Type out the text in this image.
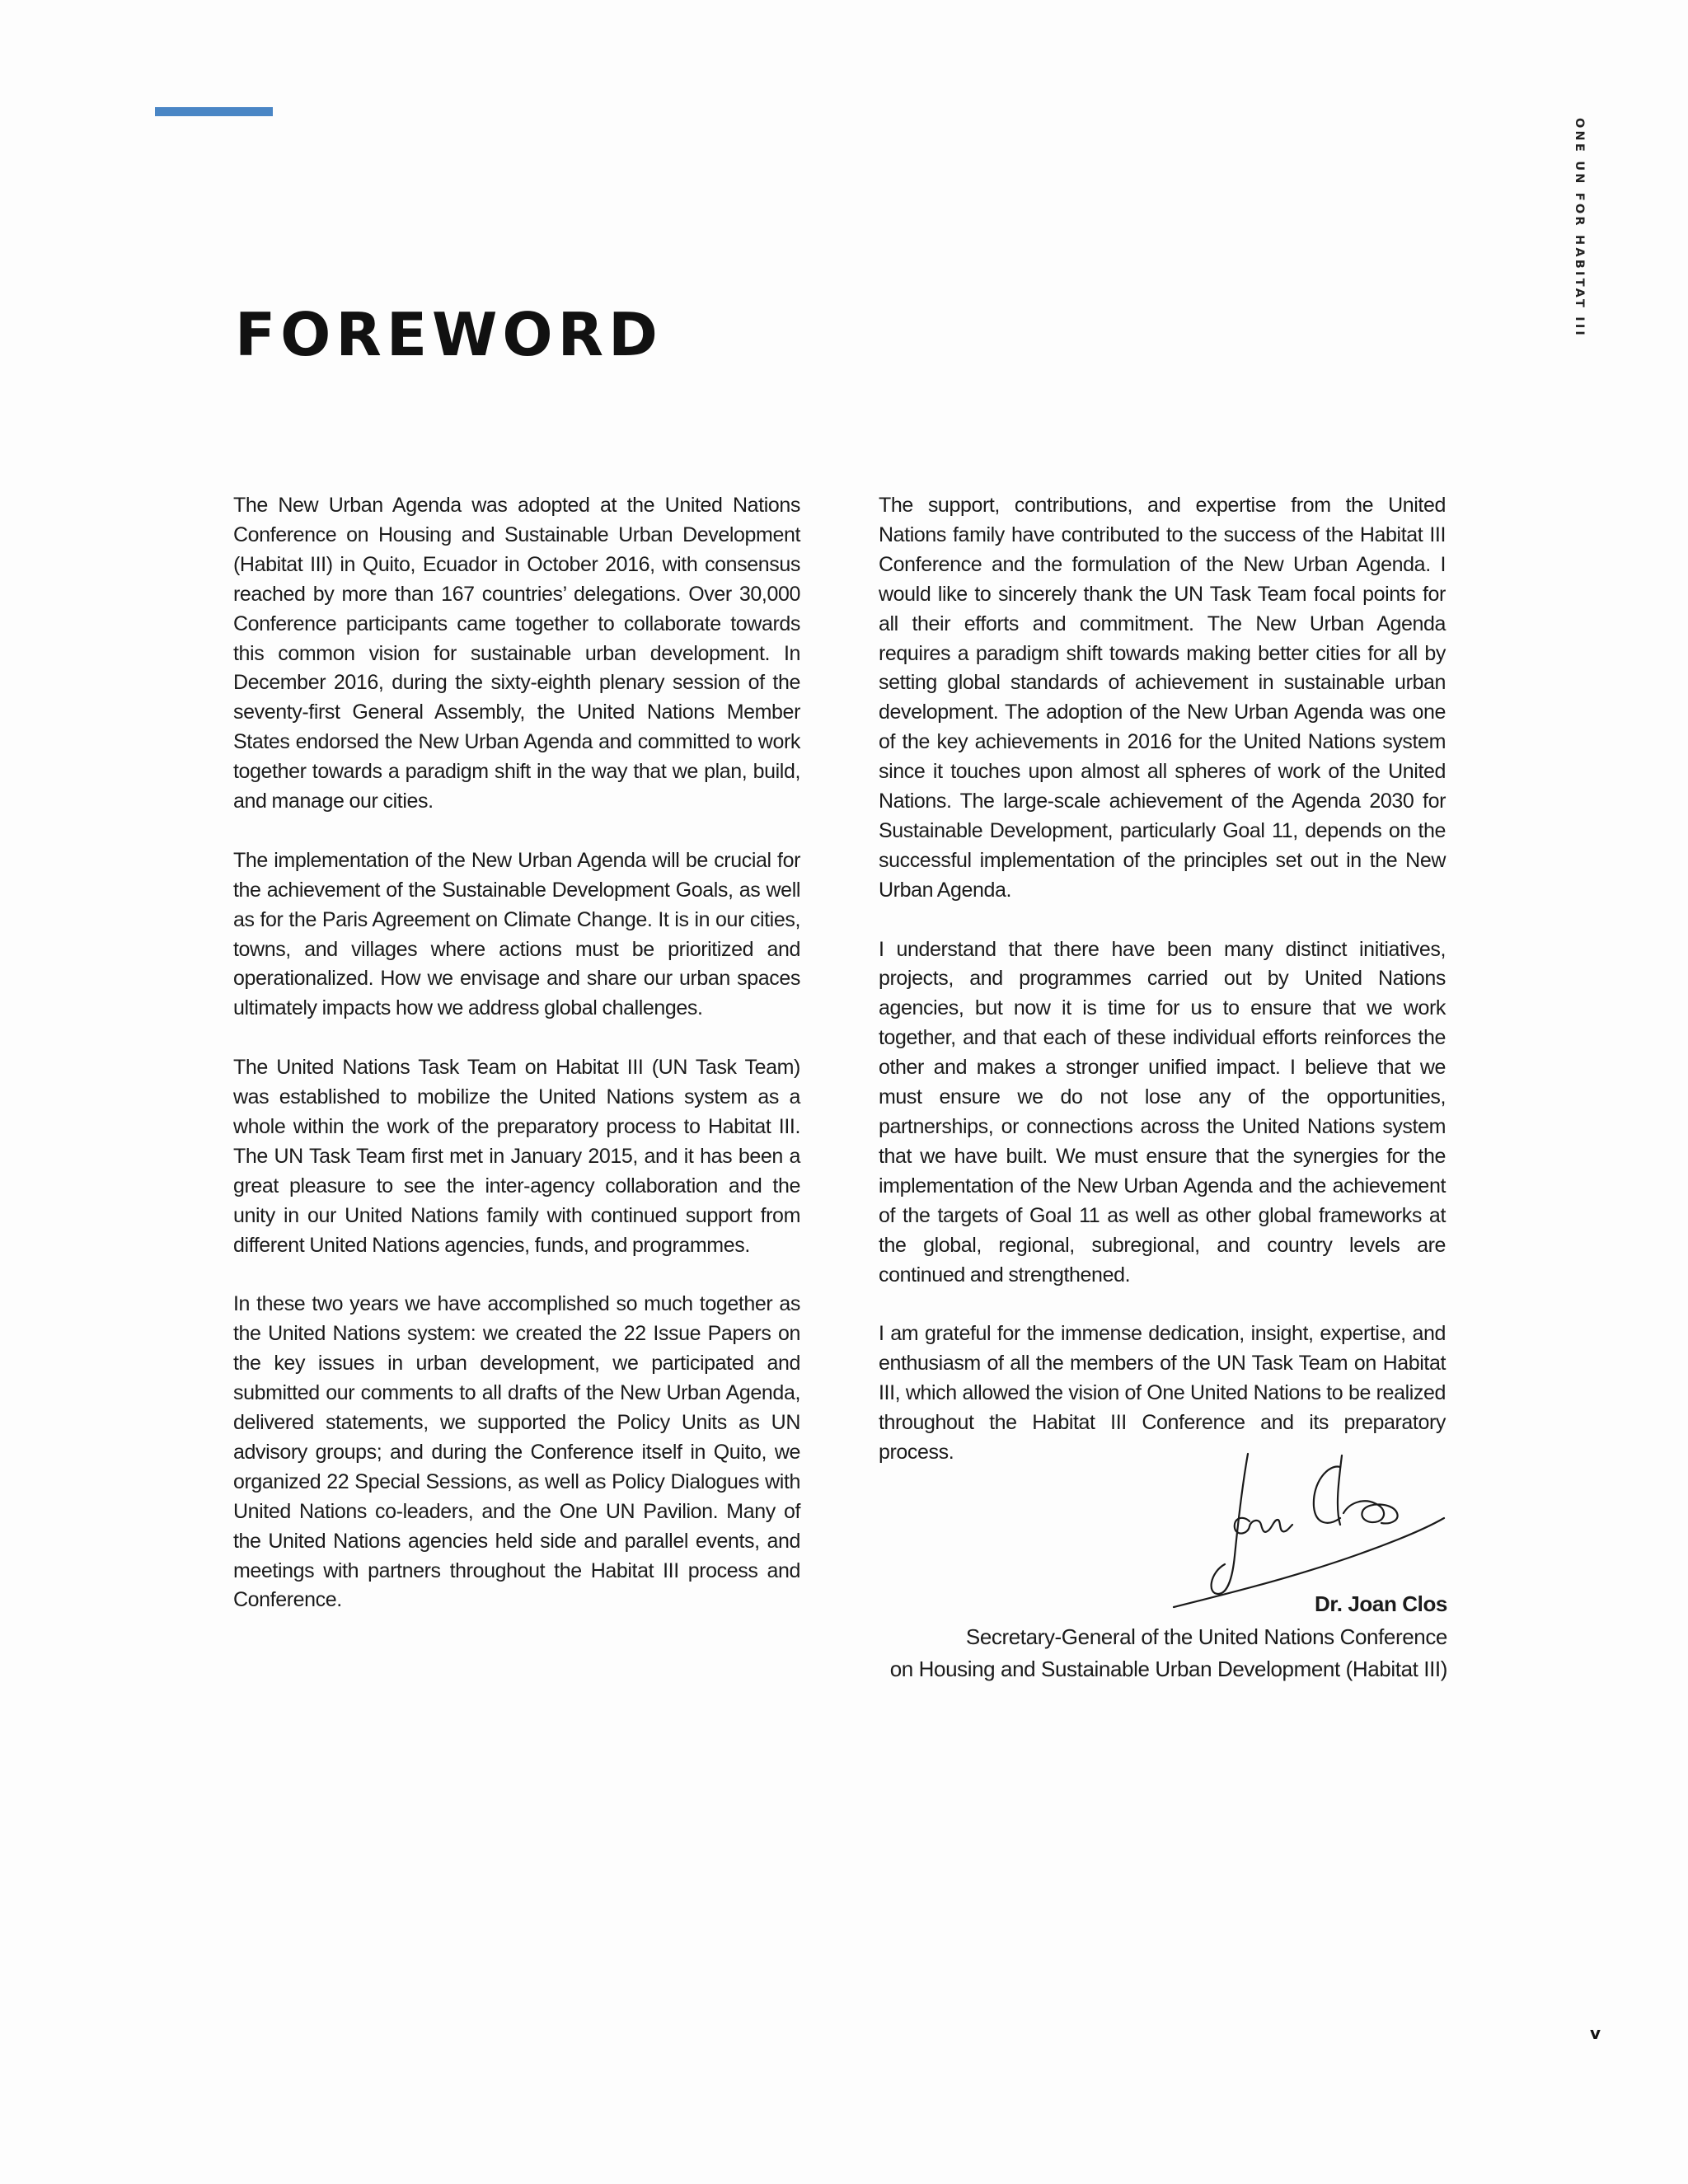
ONE UN FOR HABITAT III
FOREWORD

The New Urban Agenda was adopted at the United Nations Conference on Housing and Sustainable Urban Development (Habitat III) in Quito, Ecuador in October 2016, with consensus reached by more than 167 countries’ delegations. Over 30,000 Conference participants came together to collaborate towards this common vision for sustainable urban development. In December 2016, during the sixty-eighth plenary session of the seventy-first General Assembly, the United Nations Member States endorsed the New Urban Agenda and committed to work together towards a paradigm shift in the way that we plan, build, and manage our cities.

The implementation of the New Urban Agenda will be crucial for the achievement of the Sustainable Development Goals, as well as for the Paris Agreement on Climate Change. It is in our cities, towns, and villages where actions must be prioritized and operationalized. How we envisage and share our urban spaces ultimately impacts how we address global challenges.

The United Nations Task Team on Habitat III (UN Task Team) was established to mobilize the United Nations system as a whole within the work of the preparatory process to Habitat III. The UN Task Team first met in January 2015, and it has been a great pleasure to see the inter-agency collaboration and the unity in our United Nations family with continued support from different United Nations agencies, funds, and programmes.

In these two years we have accomplished so much together as the United Nations system: we created the 22 Issue Papers on the key issues in urban development, we participated and submitted our comments to all drafts of the New Urban Agenda, delivered statements, we supported the Policy Units as UN advisory groups; and during the Conference itself in Quito, we organized 22 Special Sessions, as well as Policy Dialogues with United Nations co-leaders, and the One UN Pavilion. Many of the United Nations agencies held side and parallel events, and meetings with partners throughout the Habitat III process and Conference.

The support, contributions, and expertise from the United Nations family have contributed to the success of the Habitat III Conference and the formulation of the New Urban Agenda. I would like to sincerely thank the UN Task Team focal points for all their efforts and commitment. The New Urban Agenda requires a paradigm shift towards making better cities for all by setting global standards of achievement in sustainable urban development. The adoption of the New Urban Agenda was one of the key achievements in 2016 for the United Nations system since it touches upon almost all spheres of work of the United Nations. The large-scale achievement of the Agenda 2030 for Sustainable Development, particularly Goal 11, depends on the successful implementation of the principles set out in the New Urban Agenda.

I understand that there have been many distinct initiatives, projects, and programmes carried out by United Nations agencies, but now it is time for us to ensure that we work together, and that each of these individual efforts reinforces the other and makes a stronger unified impact. I believe that we must ensure we do not lose any of the opportunities, partnerships, or connections across the United Nations system that we have built. We must ensure that the synergies for the implementation of the New Urban Agenda and the achievement of the targets of Goal 11 as well as other global frameworks at the global, regional, subregional, and country levels are continued and strengthened.

I am grateful for the immense dedication, insight, expertise, and enthusiasm of all the members of the UN Task Team on Habitat III, which allowed the vision of One United Nations to be realized throughout the Habitat III Conference and its preparatory process.

Dr. Joan Clos
Secretary-General of the United Nations Conference
on Housing and Sustainable Urban Development (Habitat III)
v
